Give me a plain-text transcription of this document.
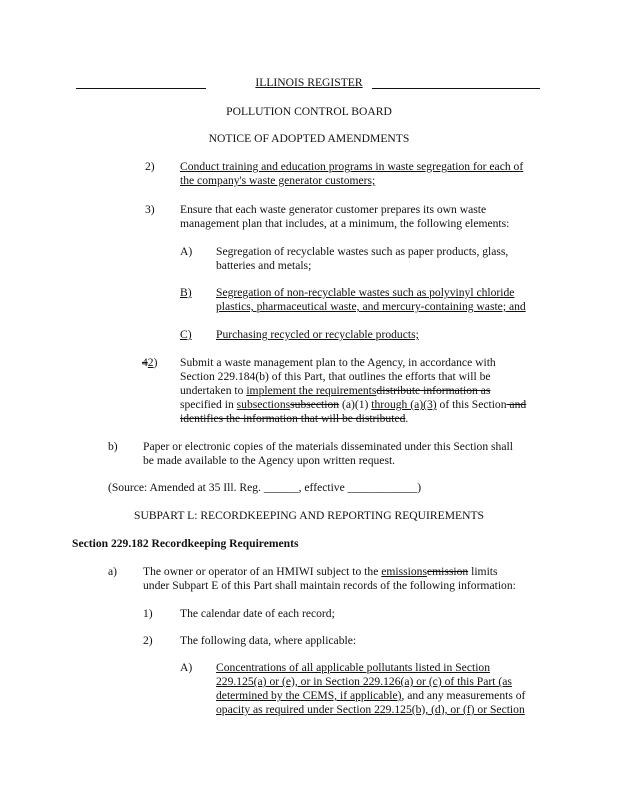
ILLINOIS REGISTER
POLLUTION CONTROL BOARD
NOTICE OF ADOPTED AMENDMENTS
2) Conduct training and education programs in waste segregation for each of
the company's waste generator customers;
3) Ensure that each waste generator customer prepares its own waste
management plan that includes, at a minimum, the following elements:
A) Segregation of recyclable wastes such as paper products, glass,
batteries and metals;
B) Segregation of non-recyclable wastes such as polyvinyl chloride
plastics, pharmaceutical waste, and mercury-containing waste; and
C) Purchasing recycled or recyclable products;
42) Submit a waste management plan to the Agency, in accordance with
Section 229.184(b) of this Part, that outlines the efforts that will be
undertaken to implement the requirementsdistribute information as
specified in subsectionssubsection (a)(1) through (a)(3) of this Section and
identifies the information that will be distributed.
b) Paper or electronic copies of the materials disseminated under this Section shall
be made available to the Agency upon written request.
(Source: Amended at 35 Ill. Reg. ______, effective ____________)
SUBPART L: RECORDKEEPING AND REPORTING REQUIREMENTS
Section 229.182 Recordkeeping Requirements
a) The owner or operator of an HMIWI subject to the emissionsemission limits
under Subpart E of this Part shall maintain records of the following information:
1) The calendar date of each record;
2) The following data, where applicable:
A) Concentrations of all applicable pollutants listed in Section
229.125(a) or (e), or in Section 229.126(a) or (c) of this Part (as
determined by the CEMS, if applicable), and any measurements of
opacity as required under Section 229.125(b), (d), or (f) or Section
